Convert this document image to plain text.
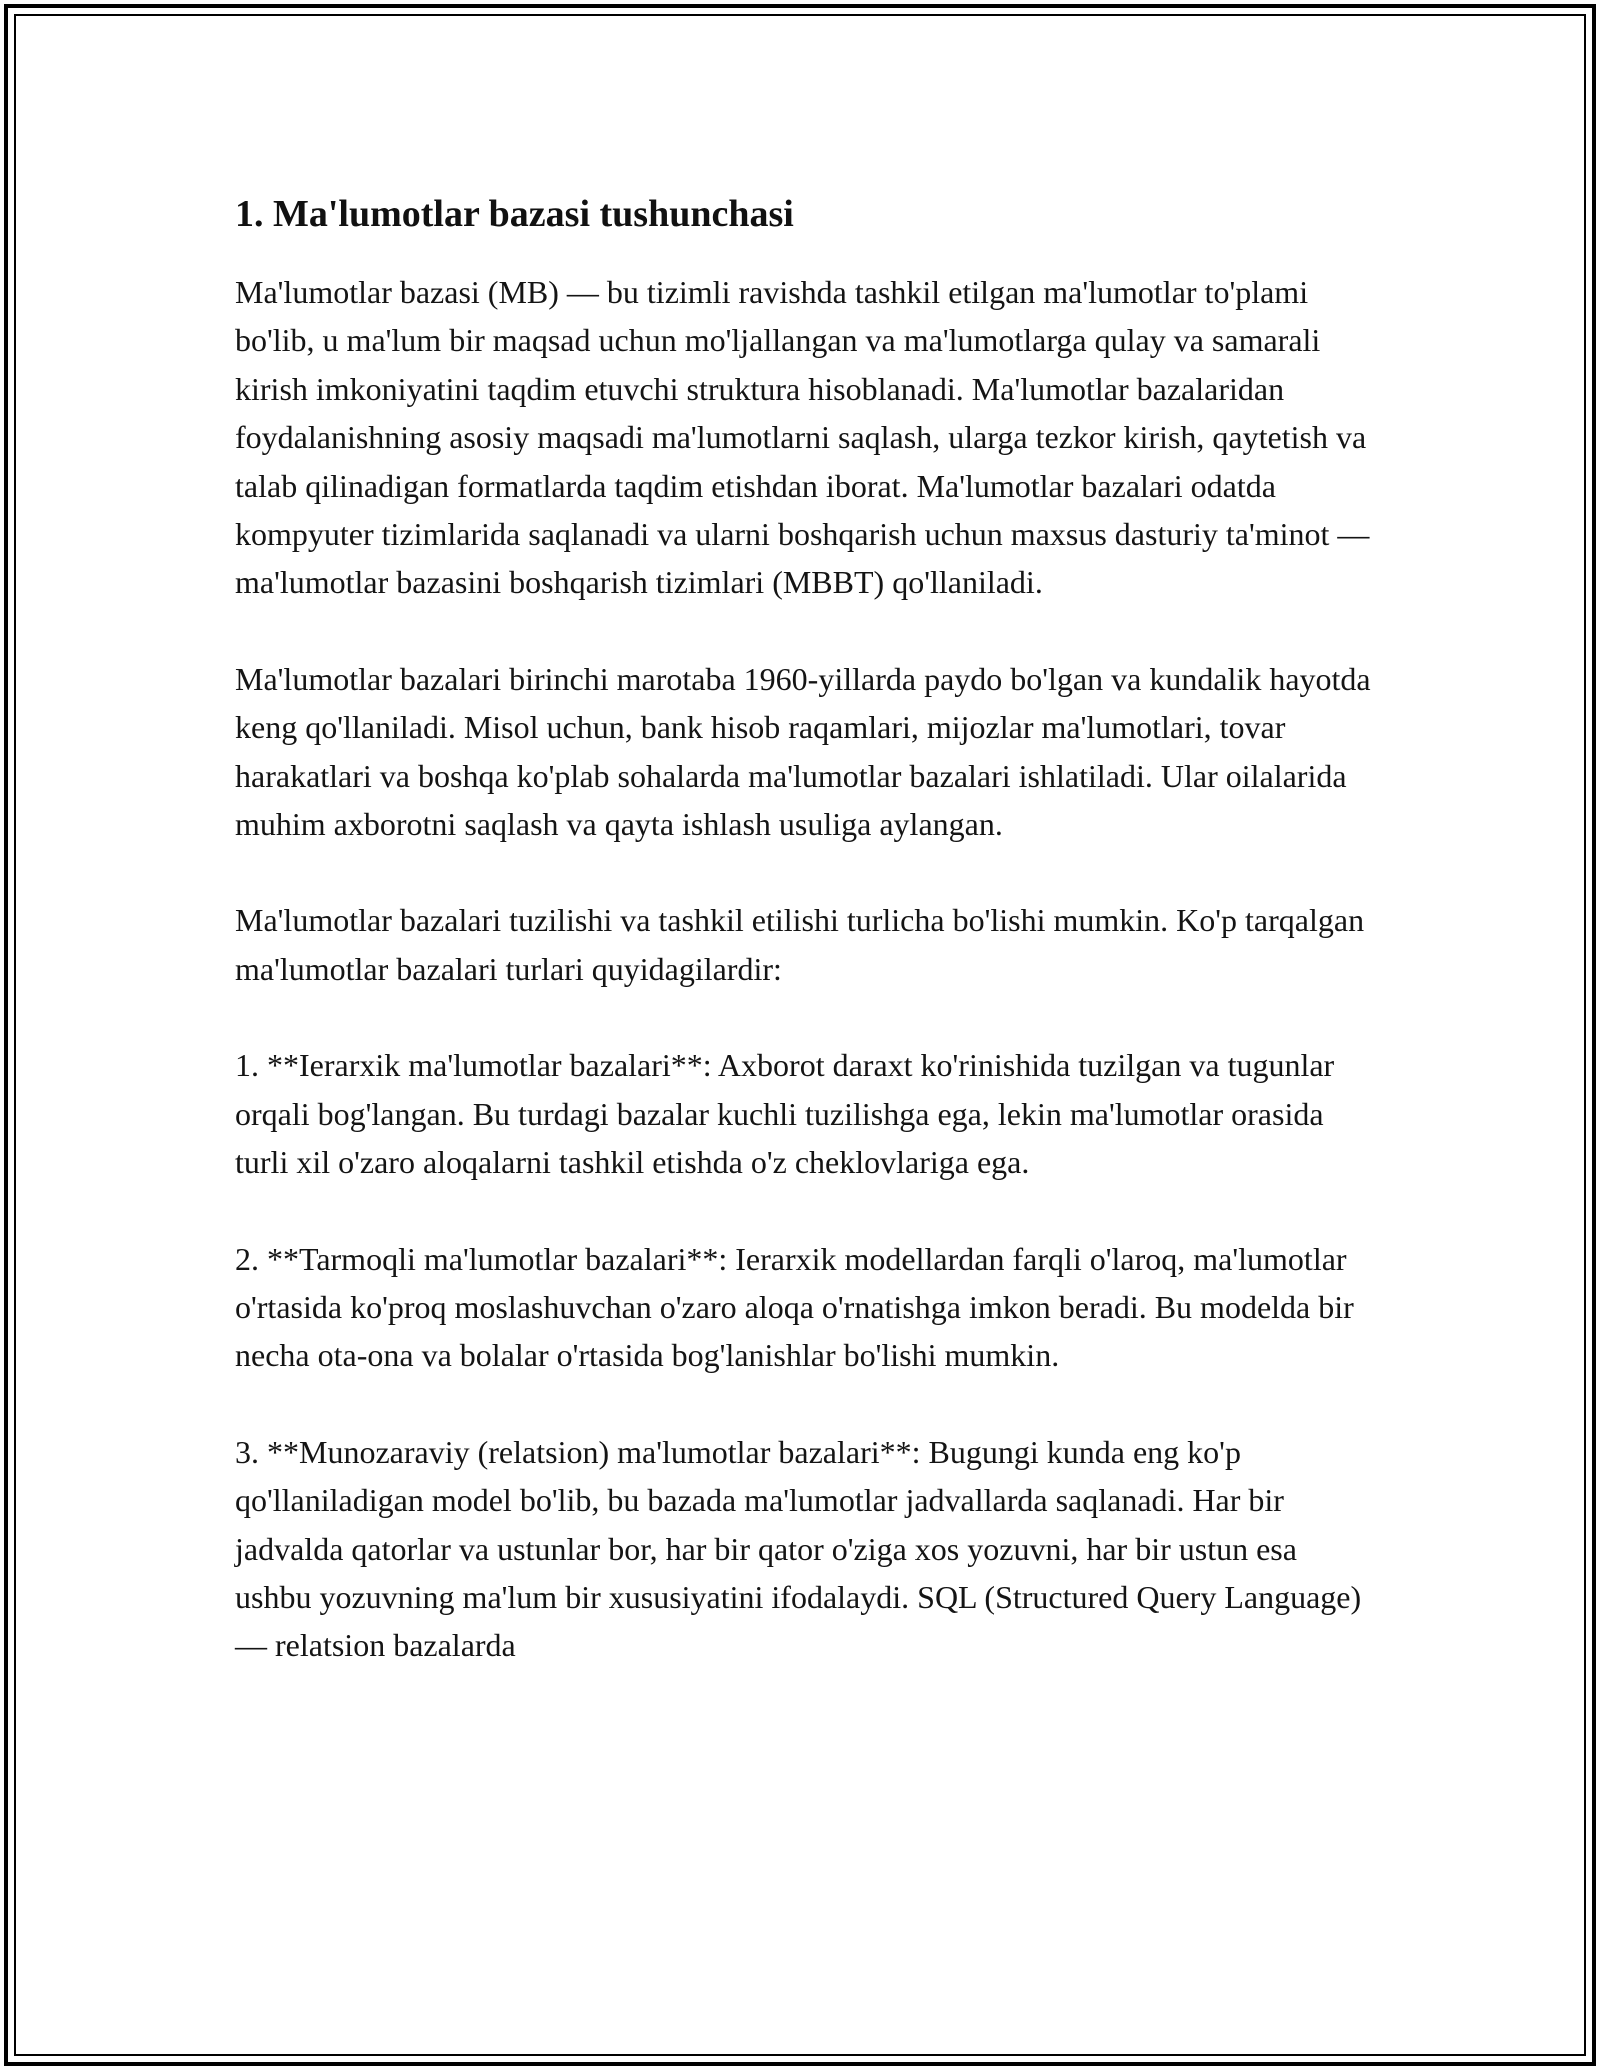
1. Ma'lumotlar bazasi tushunchasi

Ma'lumotlar bazasi (MB) — bu tizimli ravishda tashkil etilgan ma'lumotlar to'plami bo'lib, u ma'lum bir maqsad uchun mo'ljallangan va ma'lumotlarga qulay va samarali kirish imkoniyatini taqdim etuvchi struktura hisoblanadi. Ma'lumotlar bazalaridan foydalanishning asosiy maqsadi ma'lumotlarni saqlash, ularga tezkor kirish, qaytetish va talab qilinadigan formatlarda taqdim etishdan iborat. Ma'lumotlar bazalari odatda kompyuter tizimlarida saqlanadi va ularni boshqarish uchun maxsus dasturiy ta'minot — ma'lumotlar bazasini boshqarish tizimlari (MBBT) qo'llaniladi.

Ma'lumotlar bazalari birinchi marotaba 1960-yillarda paydo bo'lgan va kundalik hayotda keng qo'llaniladi. Misol uchun, bank hisob raqamlari, mijozlar ma'lumotlari, tovar harakatlari va boshqa ko'plab sohalarda ma'lumotlar bazalari ishlatiladi. Ular oilalarida muhim axborotni saqlash va qayta ishlash usuliga aylangan.

Ma'lumotlar bazalari tuzilishi va tashkil etilishi turlicha bo'lishi mumkin. Ko'p tarqalgan ma'lumotlar bazalari turlari quyidagilardir:

1. **Ierarxik ma'lumotlar bazalari**: Axborot daraxt ko'rinishida tuzilgan va tugunlar orqali bog'langan. Bu turdagi bazalar kuchli tuzilishga ega, lekin ma'lumotlar orasida turli xil o'zaro aloqalarni tashkil etishda o'z cheklovlariga ega.

2. **Tarmoqli ma'lumotlar bazalari**: Ierarxik modellardan farqli o'laroq, ma'lumotlar o'rtasida ko'proq moslashuvchan o'zaro aloqa o'rnatishga imkon beradi. Bu modelda bir necha ota-ona va bolalar o'rtasida bog'lanishlar bo'lishi mumkin.

3. **Munozaraviy (relatsion) ma'lumotlar bazalari**: Bugungi kunda eng ko'p qo'llaniladigan model bo'lib, bu bazada ma'lumotlar jadvallarda saqlanadi. Har bir jadvalda qatorlar va ustunlar bor, har bir qator o'ziga xos yozuvni, har bir ustun esa ushbu yozuvning ma'lum bir xususiyatini ifodalaydi. SQL (Structured Query Language) — relatsion bazalarda
